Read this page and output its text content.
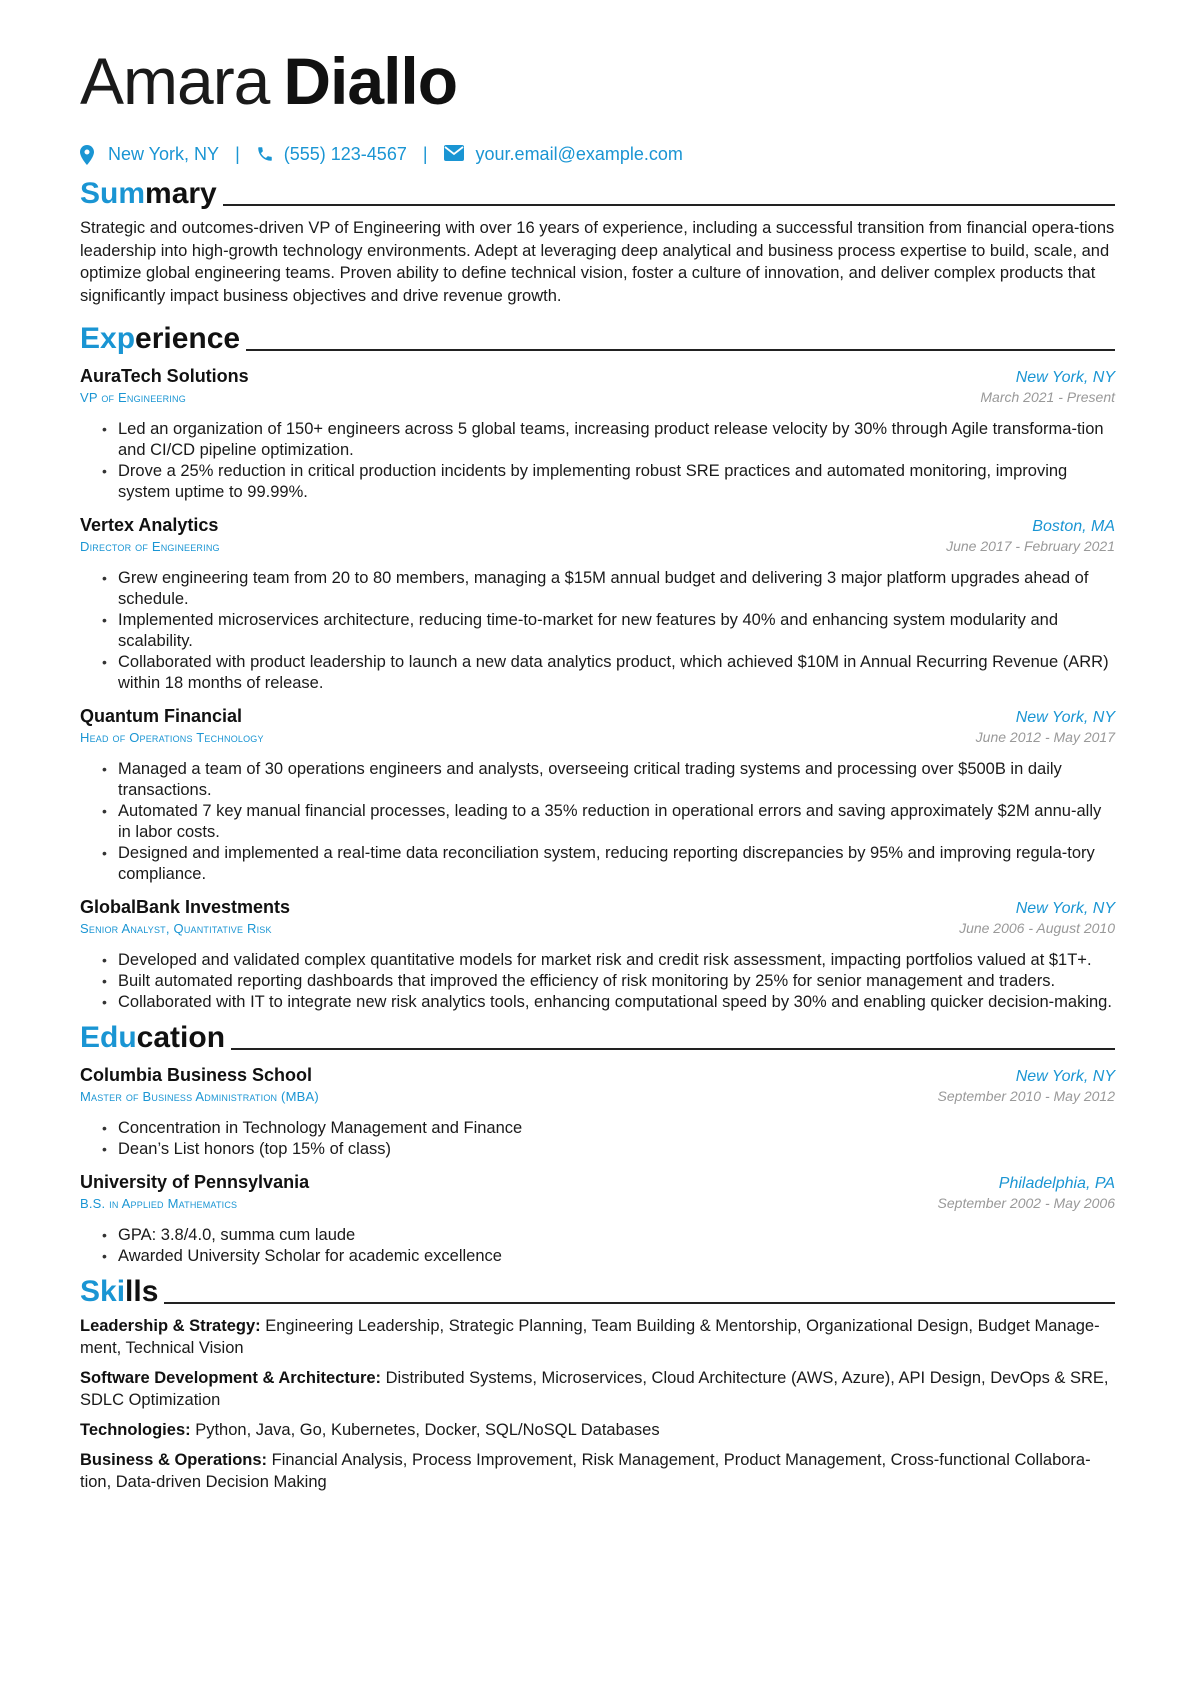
Amara Diallo
New York, NY | (555) 123-4567 |	your.email@example.com
Summary

Strategic and outcomes-driven VP of Engineering with over 16 years of experience, including a successful transition from financial opera-tions leadership into high-growth technology environments. Adept at leveraging deep analytical and business process expertise to build, scale, and optimize global engineering teams. Proven ability to define technical vision, foster a culture of innovation, and deliver complex products that significantly impact business objectives and drive revenue growth.

Experience
AuraTech Solutions	New York, NY
VP of Engineering	March 2021 - Present
• Led an organization of 150+ engineers across 5 global teams, increasing product release velocity by 30% through Agile transforma-tion and CI/CD pipeline optimization.
• Drove a 25% reduction in critical production incidents by implementing robust SRE practices and automated monitoring, improving system uptime to 99.99%.
Vertex Analytics	Boston, MA
Director of Engineering	June 2017 - February 2021
• Grew engineering team from 20 to 80 members, managing a $15M annual budget and delivering 3 major platform upgrades ahead of schedule.
• Implemented microservices architecture, reducing time-to-market for new features by 40% and enhancing system modularity and scalability.
• Collaborated with product leadership to launch a new data analytics product, which achieved $10M in Annual Recurring Revenue (ARR) within 18 months of release.
Quantum Financial	New York, NY
Head of Operations Technology	June 2012 - May 2017
• Managed a team of 30 operations engineers and analysts, overseeing critical trading systems and processing over $500B in daily transactions.
• Automated 7 key manual financial processes, leading to a 35% reduction in operational errors and saving approximately $2M annu-ally in labor costs.
• Designed and implemented a real-time data reconciliation system, reducing reporting discrepancies by 95% and improving regula-tory compliance.
GlobalBank Investments	New York, NY
Senior Analyst, Quantitative Risk	June 2006 - August 2010
• Developed and validated complex quantitative models for market risk and credit risk assessment, impacting portfolios valued at $1T+.
• Built automated reporting dashboards that improved the efficiency of risk monitoring by 25% for senior management and traders.
• Collaborated with IT to integrate new risk analytics tools, enhancing computational speed by 30% and enabling quicker decision-making.
Education
Columbia Business School	New York, NY
Master of Business Administration (MBA)	September 2010 - May 2012
• Concentration in Technology Management and Finance
• Dean’s List honors (top 15% of class)
University of Pennsylvania	Philadelphia, PA
B.S. in Applied Mathematics	September 2002 - May 2006
• GPA: 3.8/4.0, summa cum laude
• Awarded University Scholar for academic excellence
Skills
Leadership & Strategy: Engineering Leadership, Strategic Planning, Team Building & Mentorship, Organizational Design, Budget Manage-ment, Technical Vision
Software Development & Architecture: Distributed Systems, Microservices, Cloud Architecture (AWS, Azure), API Design, DevOps & SRE, SDLC Optimization
Technologies: Python, Java, Go, Kubernetes, Docker, SQL/NoSQL Databases
Business & Operations: Financial Analysis, Process Improvement, Risk Management, Product Management, Cross-functional Collabora-tion, Data-driven Decision Making
